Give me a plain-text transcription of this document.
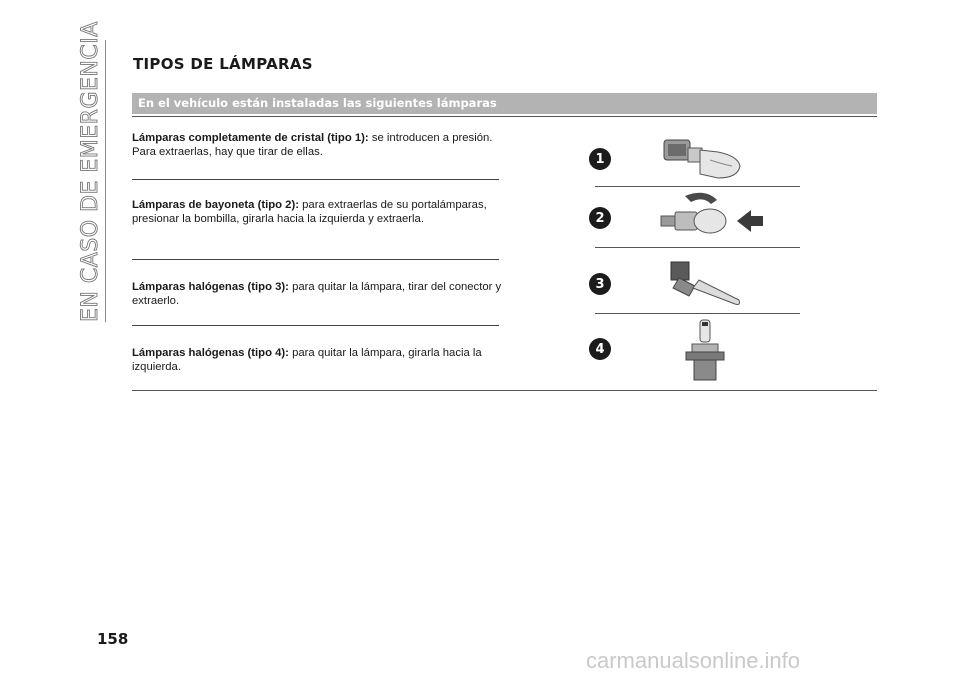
EN CASO DE EMERGENCIA TIPOS DE LÁMPARAS
En el vehículo están instaladas las siguientes lámparas
Lámparas completamente de cristal (tipo 1): se introducen a presión. Para extraerlas, hay que tirar de ellas.
Lámparas de bayoneta (tipo 2): para extraerlas de su portalámparas, presionar la bombilla, girarla hacia la izquierda y extraerla.
Lámparas halógenas (tipo 3): para quitar la lámpara, tirar del conector y extraerlo.
Lámparas halógenas (tipo 4): para quitar la lámpara, girarla hacia la izquierda.
1
2
3
4
158
carmanualsonline.info
